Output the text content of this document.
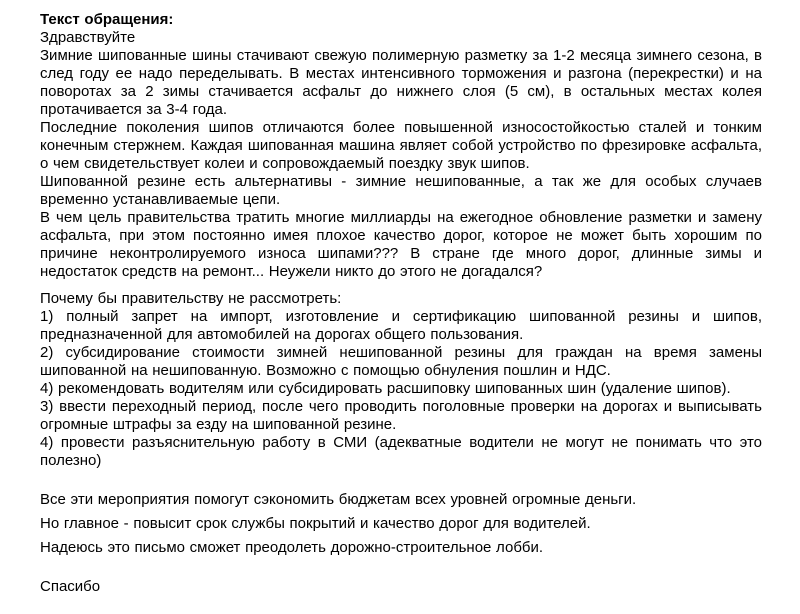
Текст обращения:

Здравствуйте

Зимние шипованные шины стачивают свежую полимерную разметку за 1-2 месяца зимнего сезона, в след году ее надо переделывать. В местах интенсивного торможения и разгона (перекрестки) и на поворотах за 2 зимы стачивается асфальт до нижнего слоя (5 см), в остальных местах колея протачивается за 3-4 года.

Последние поколения шипов отличаются более повышенной износостойкостью сталей и тонким конечным стержнем. Каждая шипованная машина являет собой устройство по фрезировке асфальта, о чем свидетельствует колеи и сопровождаемый поездку звук шипов.

Шипованной резине есть альтернативы - зимние нешипованные, а так же для особых случаев временно устанавливаемые цепи.

В чем цель правительства тратить многие миллиарды на ежегодное обновление разметки и замену асфальта, при этом постоянно имея плохое качество дорог, которое не может быть хорошим по причине неконтролируемого износа шипами??? В стране где много дорог, длинные зимы и недостаток средств на ремонт... Неужели никто до этого не догадался?

Почему бы правительству не рассмотреть:

1) полный запрет на импорт, изготовление и сертификацию шипованной резины и шипов, предназначенной для автомобилей на дорогах общего пользования.

2) субсидирование стоимости зимней нешипованной резины для граждан на время замены шипованной на нешипованную. Возможно с помощью обнуления пошлин и НДС.

4) рекомендовать водителям или субсидировать расшиповку шипованных шин (удаление шипов).

3) ввести переходный период, после чего проводить поголовные проверки на дорогах и выписывать огромные штрафы за езду на шипованной резине.

4) провести разъяснительную работу в СМИ (адекватные водители не могут не понимать что это полезно)

Все эти мероприятия помогут сэкономить бюджетам всех уровней огромные деньги.

Но главное - повысит срок службы покрытий и качество дорог для водителей.

Надеюсь это письмо сможет преодолеть дорожно-строительное лобби.

Спасибо
